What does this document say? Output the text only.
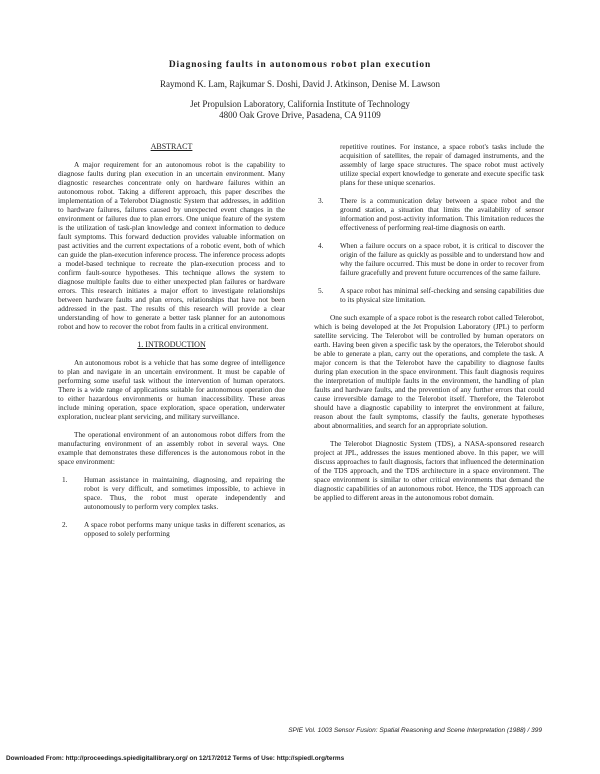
Diagnosing faults in autonomous robot plan execution
Raymond K. Lam, Rajkumar S. Doshi, David J. Atkinson, Denise M. Lawson
Jet Propulsion Laboratory, California Institute of Technology
4800 Oak Grove Drive, Pasadena, CA 91109
ABSTRACT

A major requirement for an autonomous robot is the capability to diagnose faults during plan execution in an uncertain environment. Many diagnostic researches concentrate only on hardware failures within an autonomous robot. Taking a different approach, this paper describes the implementation of a Telerobot Diagnostic System that addresses, in addition to hardware failures, failures caused by unexpected event changes in the environment or failures due to plan errors. One unique feature of the system is the utilization of task-plan knowledge and context information to deduce fault symptoms. This forward deduction provides valuable information on past activities and the current expectations of a robotic event, both of which can guide the plan-execution inference process. The inference process adopts a model-based technique to recreate the plan-execution process and to confirm fault-source hypotheses. This technique allows the system to diagnose multiple faults due to either unexpected plan failures or hardware errors. This research initiates a major effort to investigate relationships between hardware faults and plan errors, relationships that have not been addressed in the past. The results of this research will provide a clear understanding of how to generate a better task planner for an autonomous robot and how to recover the robot from faults in a critical environment.

1. INTRODUCTION

An autonomous robot is a vehicle that has some degree of intelligence to plan and navigate in an uncertain environment. It must be capable of performing some useful task without the intervention of human operators. There is a wide range of applications suitable for autonomous operation due to either hazardous environments or human inaccessibility. These areas include mining operation, space exploration, space operation, underwater exploration, nuclear plant servicing, and military surveillance.

The operational environment of an autonomous robot differs from the manufacturing environment of an assembly robot in several ways. One example that demonstrates these differences is the autonomous robot in the space environment:

1.	Human assistance in maintaining, diagnosing, and repairing the robot is very difficult, and sometimes impossible, to achieve in space. Thus, the robot must operate independently and autonomously to perform very complex tasks.
2.	A space robot performs many unique tasks in different scenarios, as opposed to solely performing
repetitive routines. For instance, a space robot's tasks include the acquisition of satellites, the repair of damaged instruments, and the assembly of large space structures. The space robot must actively utilize special expert knowledge to generate and execute specific task plans for these unique scenarios.
3.	There is a communication delay between a space robot and the ground station, a situation that limits the availability of sensor information and post-activity information. This limitation reduces the effectiveness of performing real-time diagnosis on earth.
4.	When a failure occurs on a space robot, it is critical to discover the origin of the failure as quickly as possible and to understand how and why the failure occurred. This must be done in order to recover from failure gracefully and prevent future occurrences of the same failure.
5.	A space robot has minimal self-checking and sensing capabilities due to its physical size limitation.

One such example of a space robot is the research robot called Telerobot, which is being developed at the Jet Propulsion Laboratory (JPL) to perform satellite servicing. The Telerobot will be controlled by human operators on earth. Having been given a specific task by the operators, the Telerobot should be able to generate a plan, carry out the operations, and complete the task. A major concern is that the Telerobot have the capability to diagnose faults during plan execution in the space environment. This fault diagnosis requires the interpretation of multiple faults in the environment, the handling of plan faults and hardware faults, and the prevention of any further errors that could cause irreversible damage to the Telerobot itself. Therefore, the Telerobot should have a diagnostic capability to interpret the environment at failure, reason about the fault symptoms, classify the faults, generate hypotheses about abnormalities, and search for an appropriate solution.

The Telerobot Diagnostic System (TDS), a NASA-sponsored research project at JPL, addresses the issues mentioned above. In this paper, we will discuss approaches to fault diagnosis, factors that influenced the determination of the TDS approach, and the TDS architecture in a space environment. The space environment is similar to other critical environments that demand the diagnostic capabilities of an autonomous robot. Hence, the TDS approach can be applied to different areas in the autonomous robot domain.

SPIE Vol. 1003 Sensor Fusion: Spatial Reasoning and Scene Interpretation (1988) / 399
Downloaded From: http://proceedings.spiedigitallibrary.org/ on 12/17/2012 Terms of Use: http://spiedl.org/terms
